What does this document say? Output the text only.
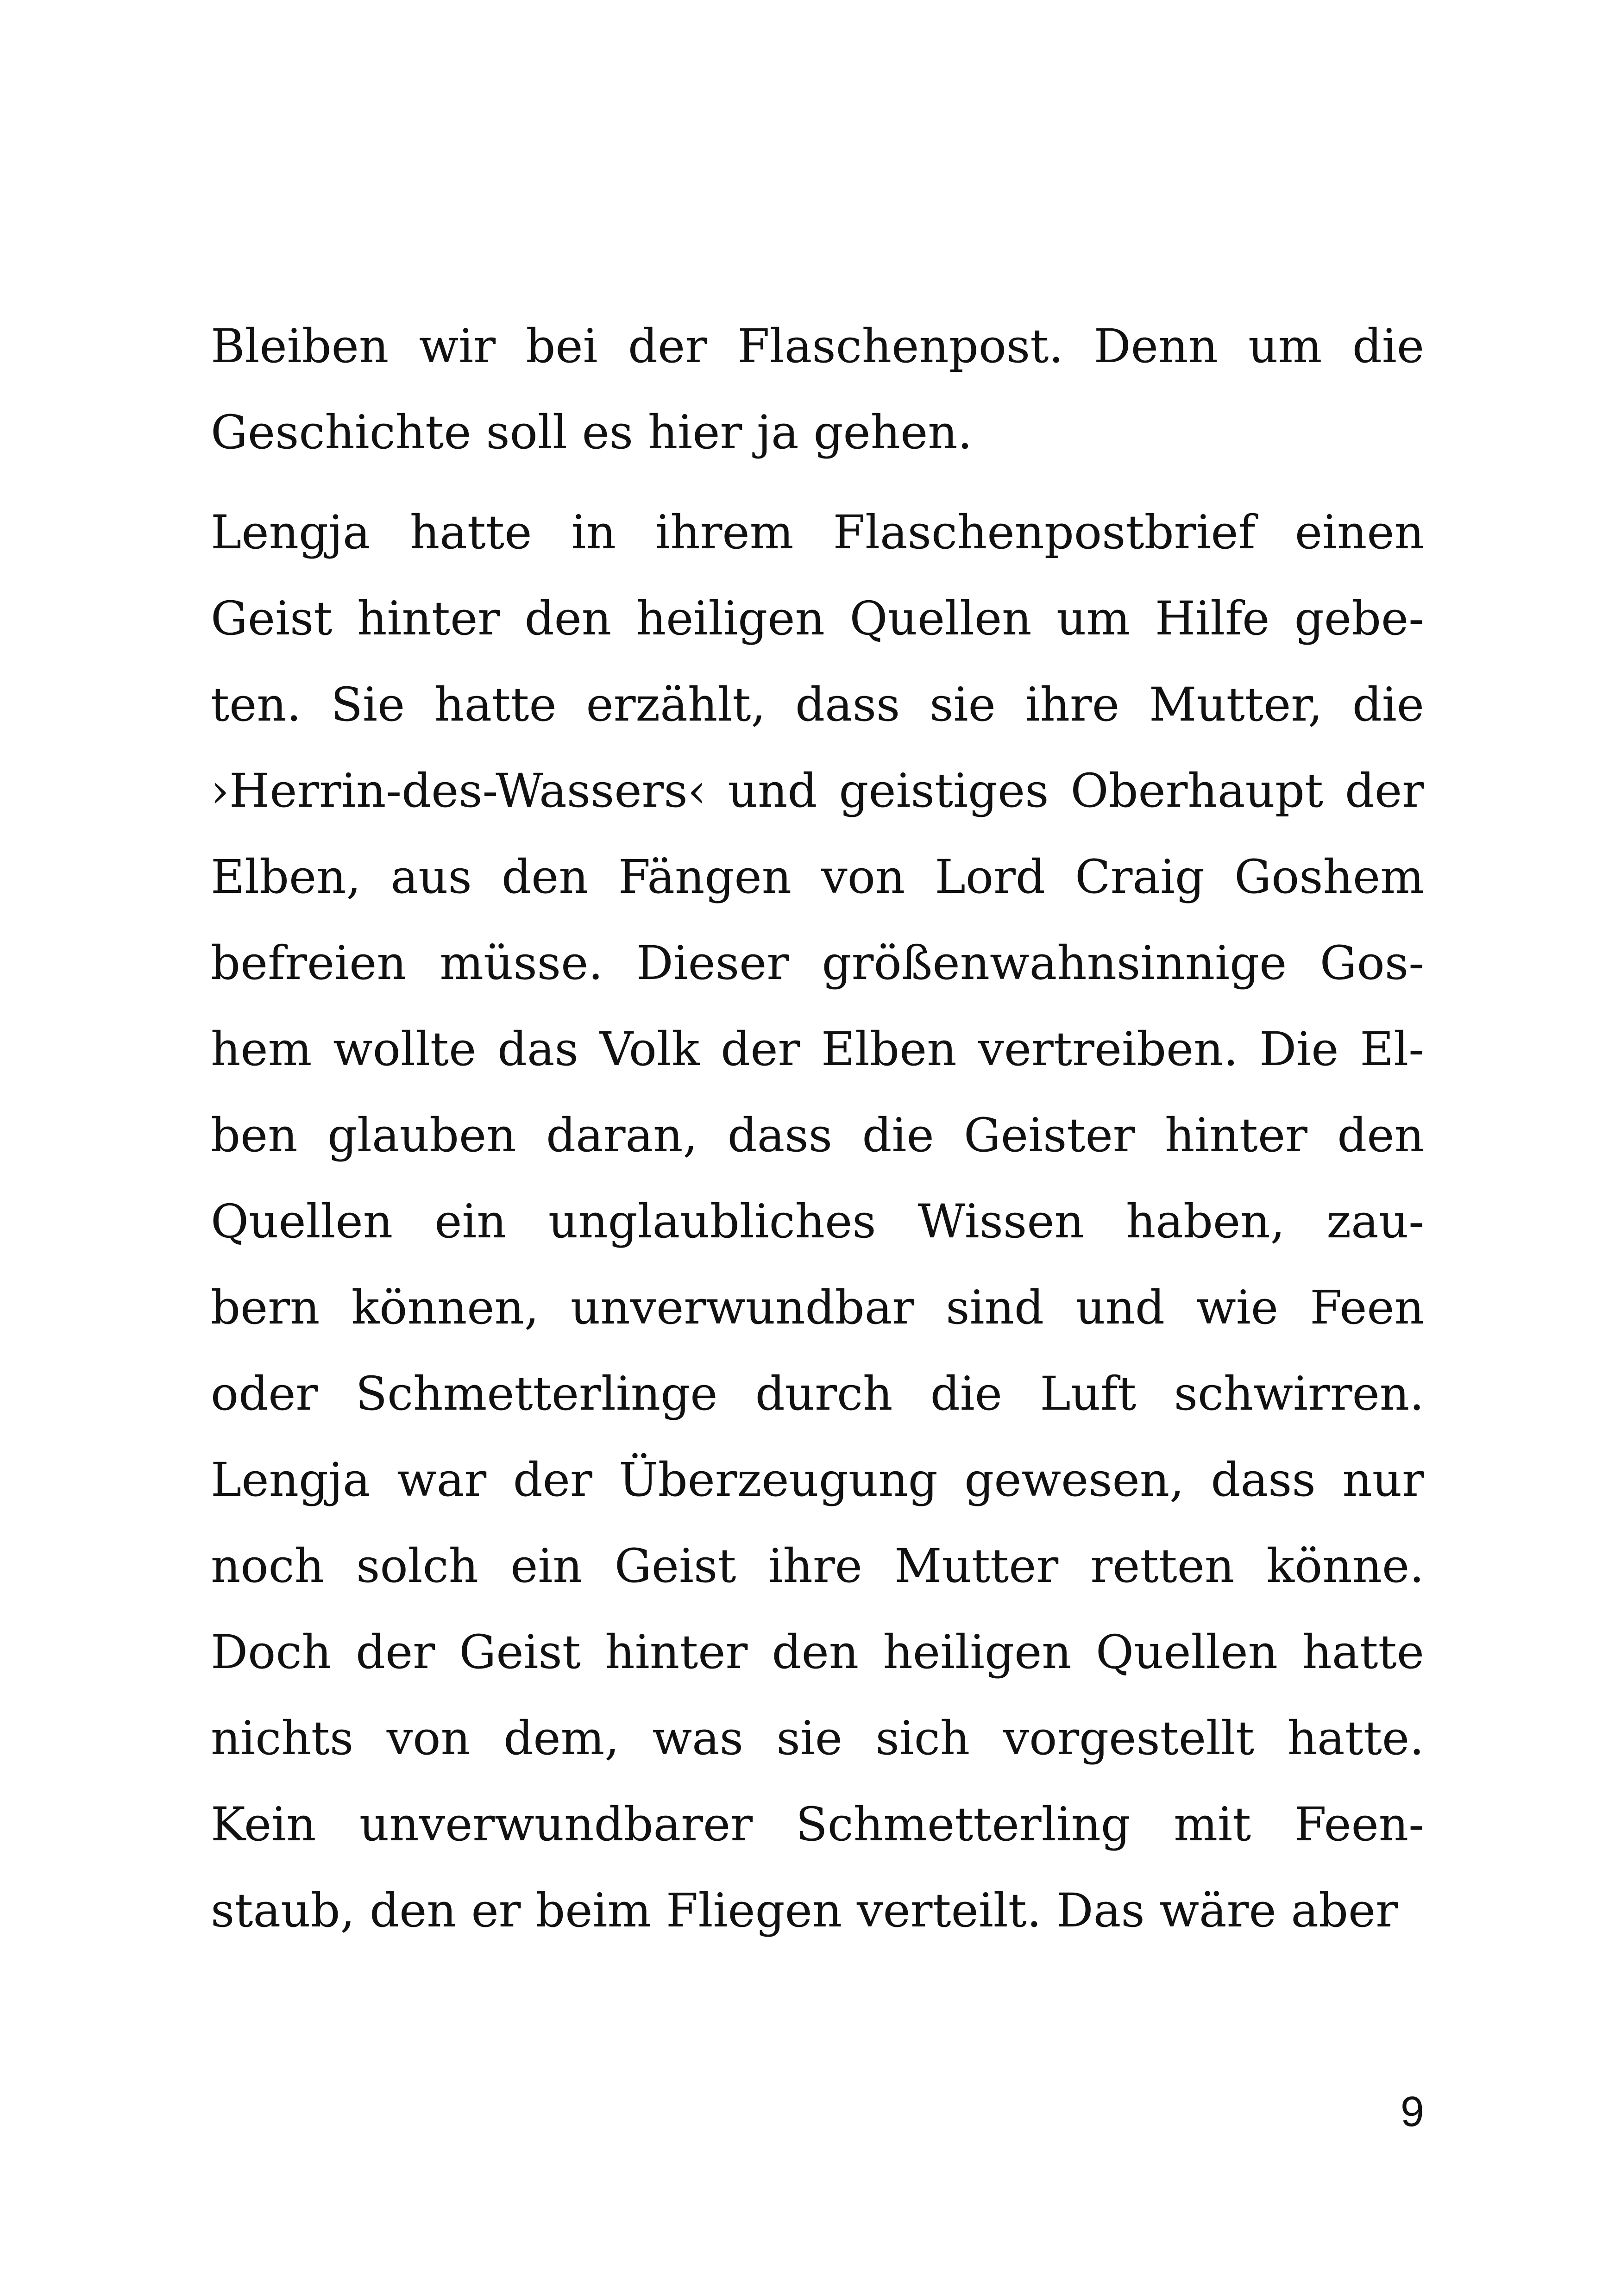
Bleiben wir bei der Flaschenpost. Denn um die
Geschichte soll es hier ja gehen.
Lengja hatte in ihrem Flaschenpostbrief einen
Geist hinter den heiligen Quellen um Hilfe gebe-
ten. Sie hatte erzählt, dass sie ihre Mutter, die
›Herrin-des-Wassers‹ und geistiges Oberhaupt der
Elben, aus den Fängen von Lord Craig Goshem
befreien müsse. Dieser größenwahnsinnige Gos-
hem wollte das Volk der Elben vertreiben. Die El-
ben glauben daran, dass die Geister hinter den
Quellen ein unglaubliches Wissen haben, zau-
bern können, unverwundbar sind und wie Feen
oder Schmetterlinge durch die Luft schwirren.
Lengja war der Überzeugung gewesen, dass nur
noch solch ein Geist ihre Mutter retten könne.
Doch der Geist hinter den heiligen Quellen hatte
nichts von dem, was sie sich vorgestellt hatte.
Kein unverwundbarer Schmetterling mit Feen-
staub, den er beim Fliegen verteilt. Das wäre aber
9
